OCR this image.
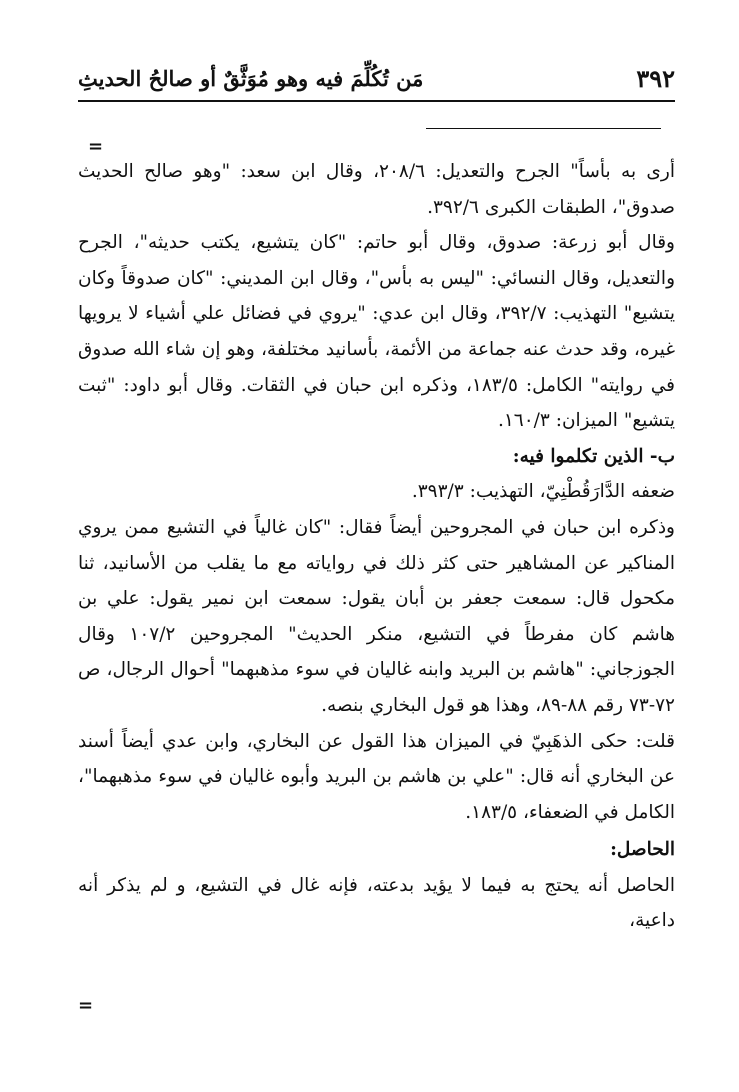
٣٩٢
مَن تُكُلِّمَ فيه وهو مُوَثَّقٌ أو صالحُ الحديثِ
=

أرى به بأساً" الجرح والتعديل: ٢٠٨/٦، وقال ابن سعد: "وهو صالح الحديث صدوق"، الطبقات الكبرى ٣٩٢/٦.

وقال أبو زرعة: صدوق، وقال أبو حاتم: "كان يتشيع، يكتب حديثه"، الجرح والتعديل، وقال النسائي: "ليس به بأس"، وقال ابن المديني: "كان صدوقاً وكان يتشيع" التهذيب: ٣٩٢/٧، وقال ابن عدي: "يروي في فضائل علي أشياء لا يرويها غيره، وقد حدث عنه جماعة من الأئمة، بأسانيد مختلفة، وهو إن شاء الله صدوق في روايته" الكامل: ١٨٣/٥، وذكره ابن حبان في الثقات. وقال أبو داود: "ثبت يتشيع" الميزان: ١٦٠/٣.

ب- الذين تكلموا فيه:

ضعفه الدَّارَقُطْنِيّ، التهذيب: ٣٩٣/٣.

وذكره ابن حبان في المجروحين أيضاً فقال: "كان غالياً في التشيع ممن يروي المناكير عن المشاهير حتى كثر ذلك في رواياته مع ما يقلب من الأسانيد، ثنا مكحول قال: سمعت جعفر بن أبان يقول: سمعت ابن نمير يقول: علي بن هاشم كان مفرطاً في التشيع، منكر الحديث" المجروحين ١٠٧/٢ وقال الجوزجاني: "هاشم بن البريد وابنه غاليان في سوء مذهبهما" أحوال الرجال، ص ٧٢-٧٣ رقم ٨٨-٨٩، وهذا هو قول البخاري بنصه.

قلت: حكى الذهَبِيّ في الميزان هذا القول عن البخاري، وابن عدي أيضاً أسند عن البخاري أنه قال: "علي بن هاشم بن البريد وأبوه غاليان في سوء مذهبهما"، الكامل في الضعفاء، ١٨٣/٥.

الحاصل:

الحاصل أنه يحتج به فيما لا يؤيد بدعته، فإنه غال في التشيع، و لم يذكر أنه داعية،

=
